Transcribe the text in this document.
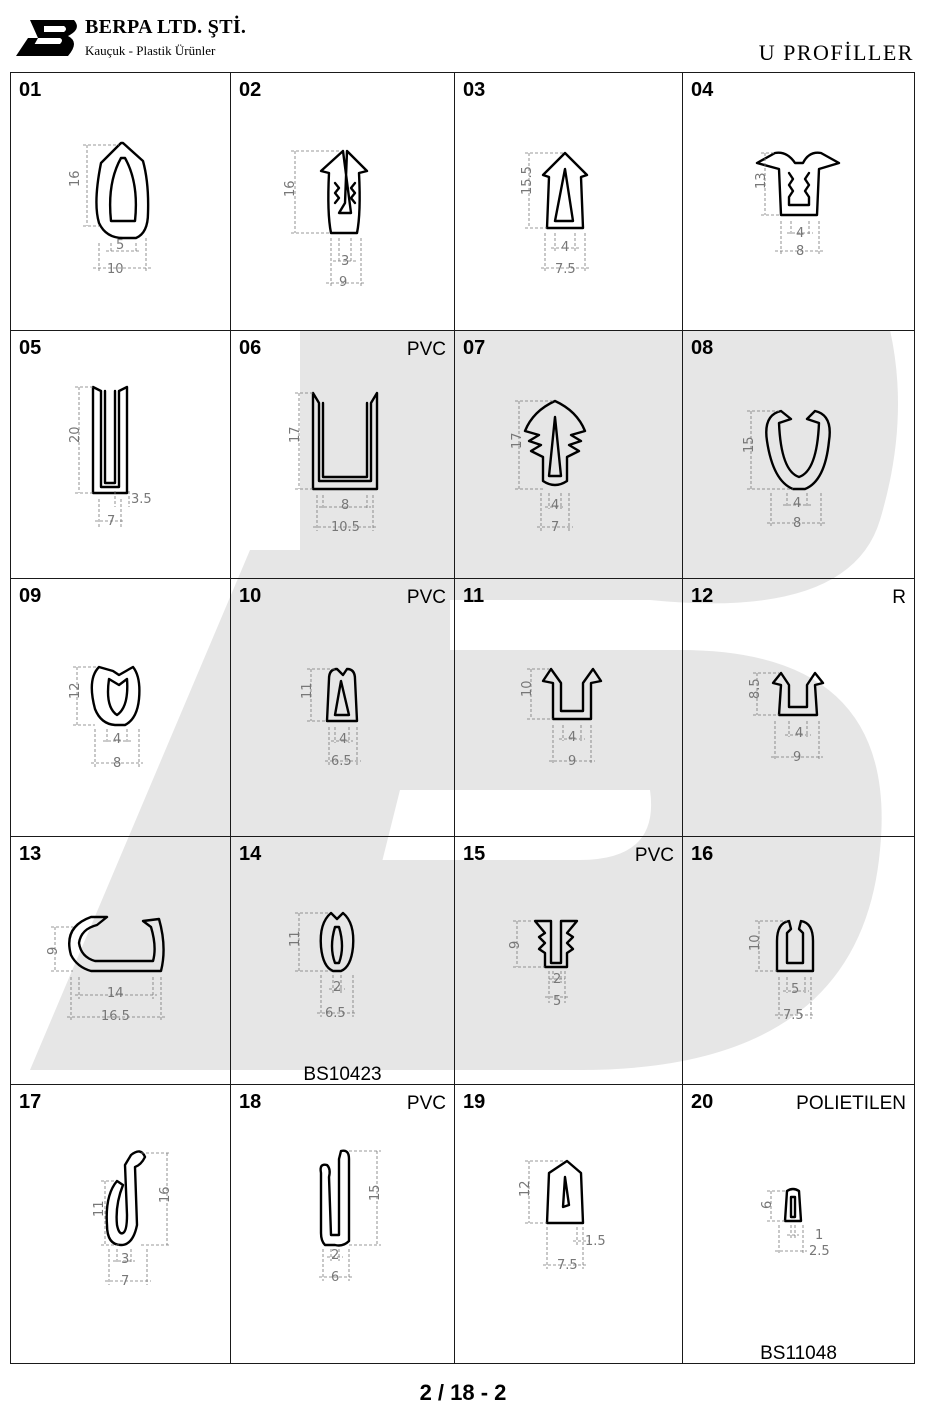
BERPA LTD. ŞTİ.
Kauçuk - Plastik Ürünler	U PROFİLLER
01
16
5
10
02
16
3
9
03
15.5
4
7.5
04
13
4
8
05
20
3.5
7
06	PVC
17
8
10.5
07
17
4
7
08
15
4
8
09
12
4
8
10	PVC
11
4
6.5
11
10
4
9
12	R
8.5
4
9
13
9
14
16.5
14
BS10423
11
2
6.5
15	PVC
9
2
5
16
10
5
7.5
17
11
16
3
7
18	PVC
15
2
6
19
12
1.5
7.5
20	POLIETILEN
BS11048
6
1
2.5
2 / 18 - 2
